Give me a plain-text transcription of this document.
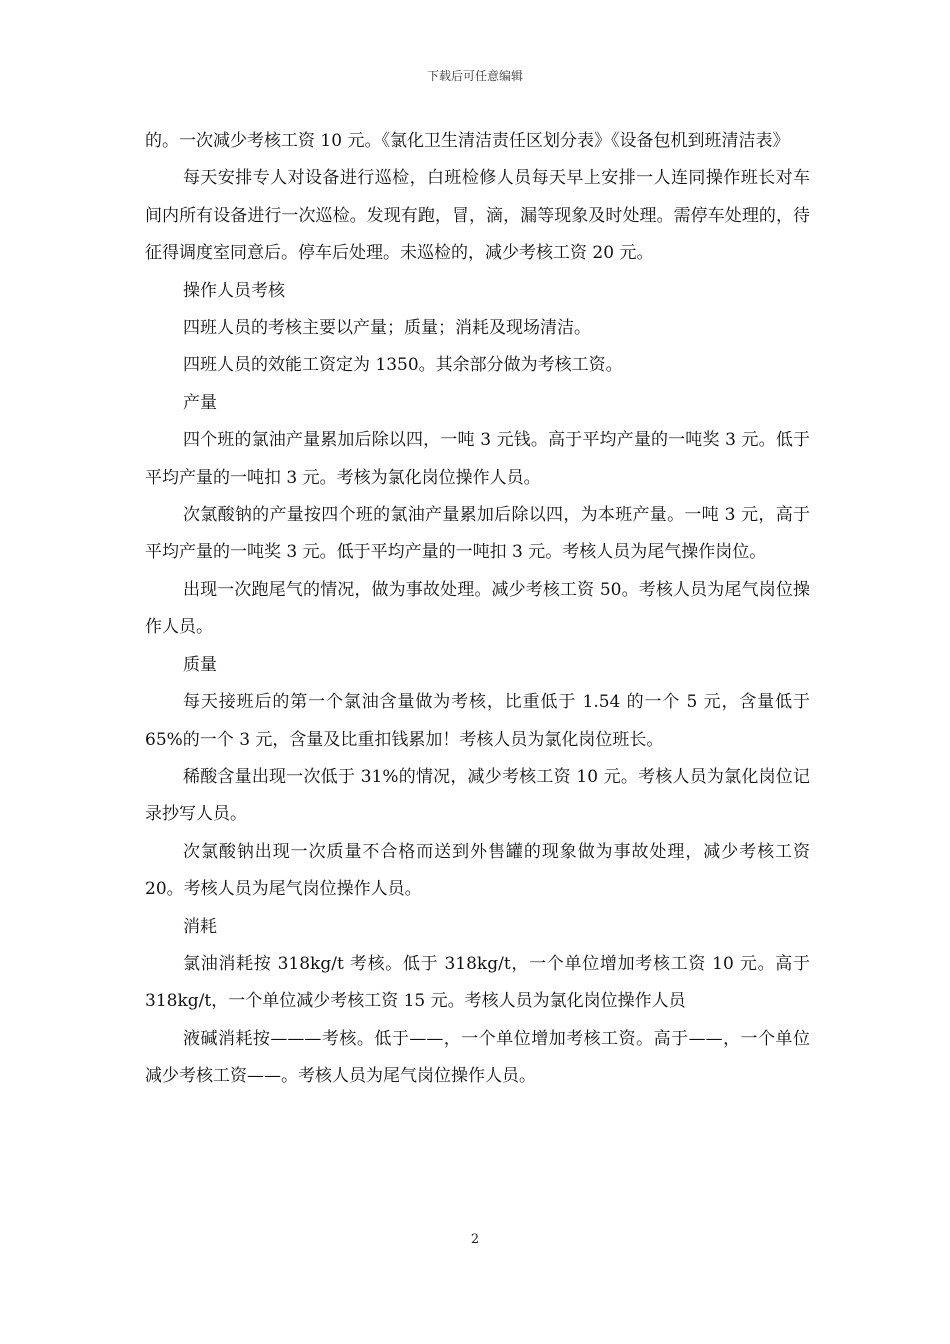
下载后可任意编辑

的。一次减少考核工资 10 元。《氯化卫生清洁责任区划分表》《设备包机到班清洁表》

每天安排专人对设备进行巡检，白班检修人员每天早上安排一人连同操作班长对车间内所有设备进行一次巡检。发现有跑，冒，滴，漏等现象及时处理。需停车处理的，待征得调度室同意后。停车后处理。未巡检的，减少考核工资 20 元。

操作人员考核

四班人员的考核主要以产量；质量；消耗及现场清洁。

四班人员的效能工资定为 1350。其余部分做为考核工资。

产量

四个班的氯油产量累加后除以四，一吨 3 元钱。高于平均产量的一吨奖 3 元。低于平均产量的一吨扣 3 元。考核为氯化岗位操作人员。

次氯酸钠的产量按四个班的氯油产量累加后除以四，为本班产量。一吨 3 元，高于平均产量的一吨奖 3 元。低于平均产量的一吨扣 3 元。考核人员为尾气操作岗位。

出现一次跑尾气的情况，做为事故处理。减少考核工资 50。考核人员为尾气岗位操作人员。

质量

每天接班后的第一个氯油含量做为考核，比重低于 1.54 的一个 5 元，含量低于 65%的一个 3 元，含量及比重扣钱累加！考核人员为氯化岗位班长。

稀酸含量出现一次低于 31%的情况，减少考核工资 10 元。考核人员为氯化岗位记录抄写人员。

次氯酸钠出现一次质量不合格而送到外售罐的现象做为事故处理，减少考核工资 20。考核人员为尾气岗位操作人员。

消耗

氯油消耗按 318kg/t 考核。低于 318kg/t，一个单位增加考核工资 10 元。高于 318kg/t，一个单位减少考核工资 15 元。考核人员为氯化岗位操作人员

液碱消耗按———考核。低于——，一个单位增加考核工资。高于——，一个单位减少考核工资——。考核人员为尾气岗位操作人员。

2
